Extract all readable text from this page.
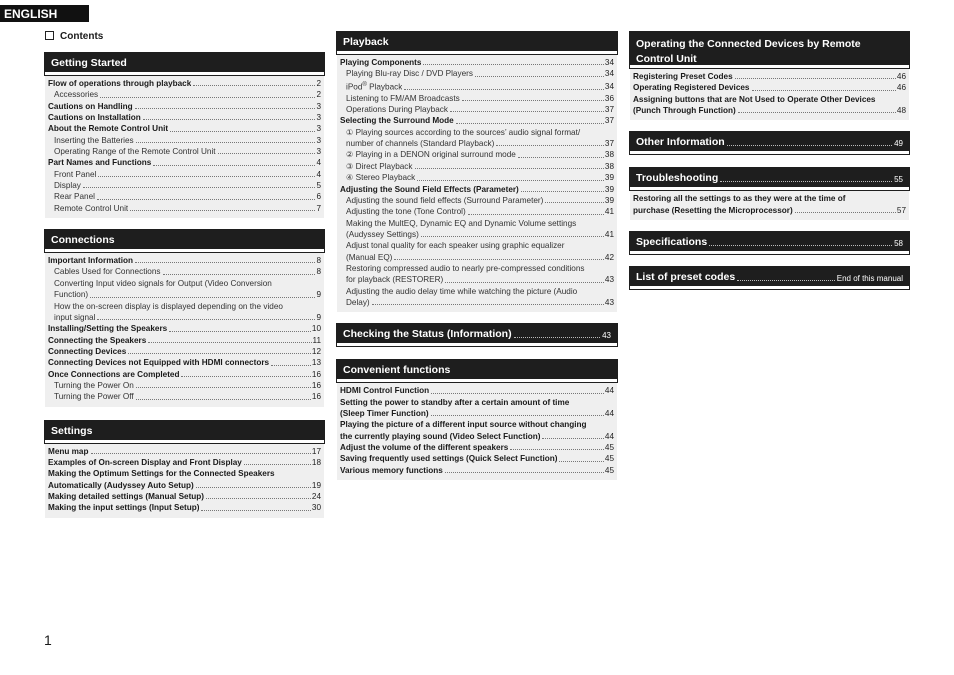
ENGLISH
Contents
Getting Started
Flow of operations through playback	2
Accessories	2
Cautions on Handling	3
Cautions on Installation	3
About the Remote Control Unit	3
Inserting the Batteries	3
Operating Range of the Remote Control Unit	3
Part Names and Functions	4
Front Panel	4
Display	5
Rear Panel	6
Remote Control Unit	7
Connections
Important Information	8
Cables Used for Connections	8
Converting Input video signals for Output (Video Conversion
Function)	9
How the on-screen display is displayed depending on the video
input signal	9
Installing/Setting the Speakers	10
Connecting the Speakers	11
Connecting Devices	12
Connecting Devices not Equipped with HDMI connectors	13
Once Connections are Completed	16
Turning the Power On	16
Turning the Power Off	16
Settings
Menu map	17
Examples of On-screen Display and Front Display	18
Making the Optimum Settings for the Connected Speakers
Automatically (Audyssey Auto Setup)	19
Making detailed settings (Manual Setup)	24
Making the input settings (Input Setup)	30
Playback
Playing Components	34
Playing Blu-ray Disc / DVD Players	34
iPod® Playback	34
Listening to FM/AM Broadcasts	36
Operations During Playback	37
Selecting the Surround Mode	37
① Playing sources according to the sources’ audio signal format/
number of channels (Standard Playback)	37
② Playing in a DENON original surround mode	38
③ Direct Playback	38
④ Stereo Playback	39
Adjusting the Sound Field Effects (Parameter)	39
Adjusting the sound field effects (Surround Parameter)	39
Adjusting the tone (Tone Control)	41
Making the MultEQ, Dynamic EQ and Dynamic Volume settings
(Audyssey Settings)	41
Adjust tonal quality for each speaker using graphic equalizer
(Manual EQ)	42
Restoring compressed audio to nearly pre-compressed conditions
for playback (RESTORER)	43
Adjusting the audio delay time while watching the picture (Audio
Delay)	43
Checking the Status (Information)	43
Convenient functions
HDMI Control Function	44
Setting the power to standby after a certain amount of time
(Sleep Timer Function)	44
Playing the picture of a different input source without changing
the currently playing sound (Video Select Function)	44
Adjust the volume of the different speakers	45
Saving frequently used settings (Quick Select Function)	45
Various memory functions	45
Operating the Connected Devices by Remote
Control Unit
Registering Preset Codes	46
Operating Registered Devices	46
Assigning buttons that are Not Used to Operate Other Devices
(Punch Through Function)	48
Other Information	49
Troubleshooting	55
Restoring all the settings to as they were at the time of
purchase (Resetting the Microprocessor)	57
Specifications	58
List of preset codes	End of this manual
1
